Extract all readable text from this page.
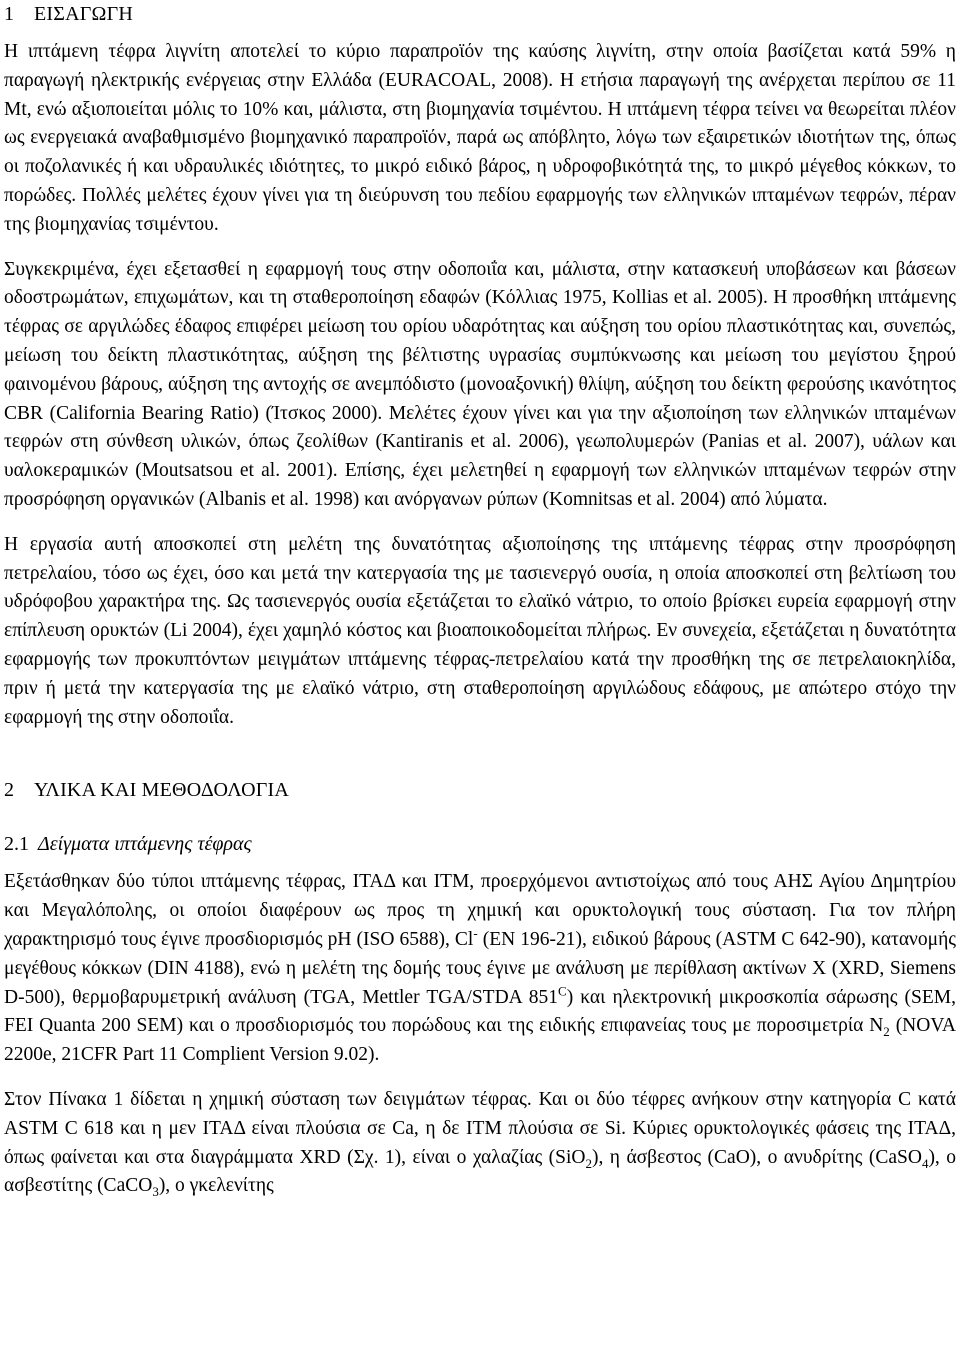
1 ΕΙΣΑΓΩΓΗ

Η ιπτάμενη τέφρα λιγνίτη αποτελεί το κύριο παραπροϊόν της καύσης λιγνίτη, στην οποία βασίζεται κατά 59% η παραγωγή ηλεκτρικής ενέργειας στην Ελλάδα (EURACOAL, 2008). Η ετήσια παραγωγή της ανέρχεται περίπου σε 11 Mt, ενώ αξιοποιείται μόλις το 10% και, μάλιστα, στη βιομηχανία τσιμέντου. Η ιπτάμενη τέφρα τείνει να θεωρείται πλέον ως ενεργειακά αναβαθμισμένο βιομηχανικό παραπροϊόν, παρά ως απόβλητο, λόγω των εξαιρετικών ιδιοτήτων της, όπως οι ποζολανικές ή και υδραυλικές ιδιότητες, το μικρό ειδικό βάρος, η υδροφοβικότητά της, το μικρό μέγεθος κόκκων, το πορώδες. Πολλές μελέτες έχουν γίνει για τη διεύρυνση του πεδίου εφαρμογής των ελληνικών ιπταμένων τεφρών, πέραν της βιομηχανίας τσιμέντου.

Συγκεκριμένα, έχει εξετασθεί η εφαρμογή τους στην οδοποιΐα και, μάλιστα, στην κατασκευή υποβάσεων και βάσεων οδοστρωμάτων, επιχωμάτων, και τη σταθεροποίηση εδαφών (Κόλλιας 1975, Kollias et al. 2005). Η προσθήκη ιπτάμενης τέφρας σε αργιλώδες έδαφος επιφέρει μείωση του ορίου υδαρότητας και αύξηση του ορίου πλαστικότητας και, συνεπώς, μείωση του δείκτη πλαστικότητας, αύξηση της βέλτιστης υγρασίας συμπύκνωσης και μείωση του μεγίστου ξηρού φαινομένου βάρους, αύξηση της αντοχής σε ανεμπόδιστο (μονοαξονική) θλίψη, αύξηση του δείκτη φερούσης ικανότητος CBR (California Bearing Ratio) (Ίτσκος 2000). Μελέτες έχουν γίνει και για την αξιοποίηση των ελληνικών ιπταμένων τεφρών στη σύνθεση υλικών, όπως ζεολίθων (Kantiranis et al. 2006), γεωπολυμερών (Panias et al. 2007), υάλων και υαλοκεραμικών (Moutsatsou et al. 2001). Επίσης, έχει μελετηθεί η εφαρμογή των ελληνικών ιπταμένων τεφρών στην προσρόφηση οργανικών (Albanis et al. 1998) και ανόργανων ρύπων (Komnitsas et al. 2004) από λύματα.

Η εργασία αυτή αποσκοπεί στη μελέτη της δυνατότητας αξιοποίησης της ιπτάμενης τέφρας στην προσρόφηση πετρελαίου, τόσο ως έχει, όσο και μετά την κατεργασία της με τασιενεργό ουσία, η οποία αποσκοπεί στη βελτίωση του υδρόφοβου χαρακτήρα της. Ως τασιενεργός ουσία εξετάζεται το ελαϊκό νάτριο, το οποίο βρίσκει ευρεία εφαρμογή στην επίπλευση ορυκτών (Li 2004), έχει χαμηλό κόστος και βιοαποικοδομείται πλήρως. Εν συνεχεία, εξετάζεται η δυνατότητα εφαρμογής των προκυπτόντων μειγμάτων ιπτάμενης τέφρας-πετρελαίου κατά την προσθήκη της σε πετρελαιοκηλίδα, πριν ή μετά την κατεργασία της με ελαϊκό νάτριο, στη σταθεροποίηση αργιλώδους εδάφους, με απώτερο στόχο την εφαρμογή της στην οδοποιΐα.

2 ΥΛΙΚΑ ΚΑΙ ΜΕΘΟΔΟΛΟΓΙΑ
2.1 Δείγματα ιπτάμενης τέφρας

Εξετάσθηκαν δύο τύποι ιπτάμενης τέφρας, ΙΤΑΔ και ΙΤΜ, προερχόμενοι αντιστοίχως από τους ΑΗΣ Αγίου Δημητρίου και Μεγαλόπολης, οι οποίοι διαφέρουν ως προς τη χημική και ορυκτολογική τους σύσταση. Για τον πλήρη χαρακτηρισμό τους έγινε προσδιορισμός pH (ISO 6588), Cl- (EN 196-21), ειδικού βάρους (ASTM C 642-90), κατανομής μεγέθους κόκκων (DIN 4188), ενώ η μελέτη της δομής τους έγινε με ανάλυση με περίθλαση ακτίνων Χ (XRD, Siemens D-500), θερμοβαρυμετρική ανάλυση (TGA, Mettler TGA/STDA $851^C$) και ηλεκτρονική μικροσκοπία σάρωσης (SEM, FEI Quanta 200 SEM) και ο προσδιορισμός του πορώδους και της ειδικής επιφανείας τους με ποροσιμετρία $N_2$ (NOVA 2200e, 21CFR Part 11 Complient Version 9.02).

Στον Πίνακα 1 δίδεται η χημική σύσταση των δειγμάτων τέφρας. Και οι δύο τέφρες ανήκουν στην κατηγορία C κατά ASTM C 618 και η μεν ΙΤΑΔ είναι πλούσια σε Ca, η δε ΙΤΜ πλούσια σε Si. Κύριες ορυκτολογικές φάσεις της ΙΤΑΔ, όπως φαίνεται και στα διαγράμματα XRD (Σχ. 1), είναι ο χαλαζίας (SiO$_2$), η άσβεστος (CaO), ο ανυδρίτης (CaSO$_4$), ο ασβεστίτης (CaCO$_3$), ο γκελενίτης
